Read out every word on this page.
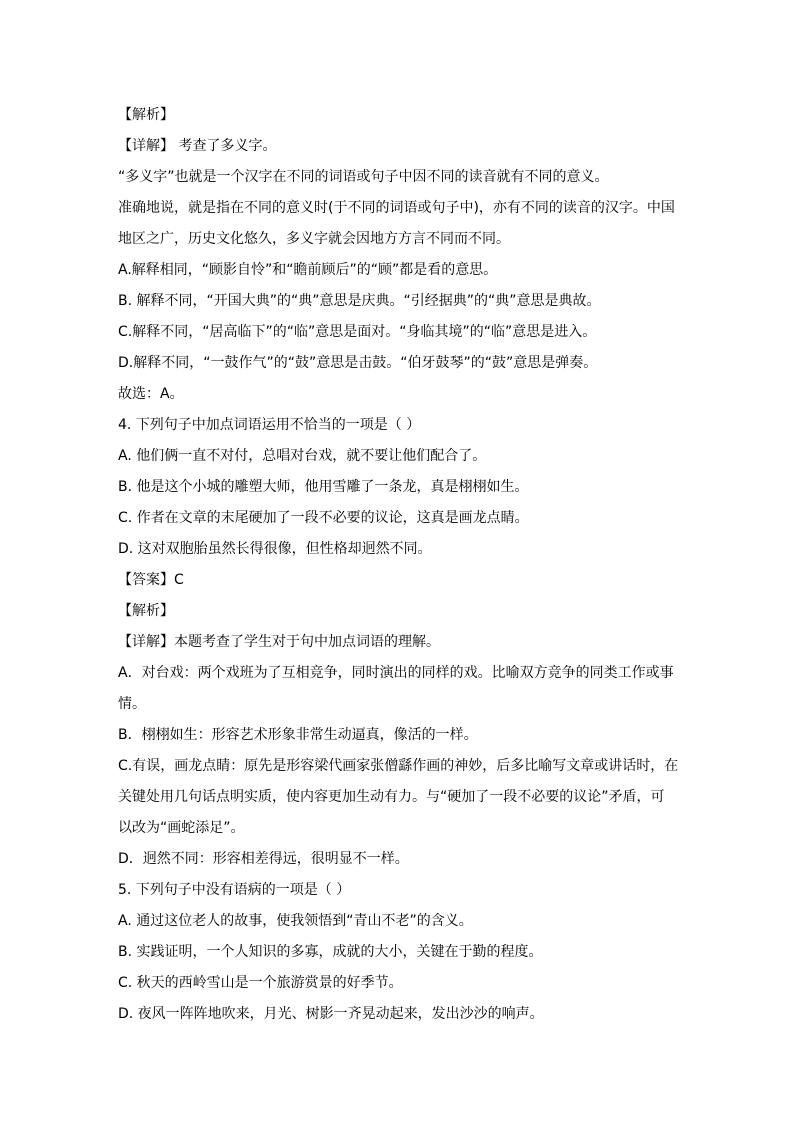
【解析】
【详解】 考查了多义字。
“多义字”也就是一个汉字在不同的词语或句子中因不同的读音就有不同的意义。
准确地说，就是指在不同的意义时(于不同的词语或句子中)，亦有不同的读音的汉字。中国
地区之广，历史文化悠久，多义字就会因地方方言不同而不同。
A.解释相同，“顾影自怜”和“瞻前顾后”的“顾”都是看的意思。
B. 解释不同，“开国大典”的“典”意思是庆典。“引经据典”的“典”意思是典故。
C.解释不同，“居高临下”的“临”意思是面对。“身临其境”的“临”意思是进入。
D.解释不同，“一鼓作气”的“鼓”意思是击鼓。“伯牙鼓琴”的“鼓”意思是弹奏。
故选：A。
4. 下列句子中加点词语运用不恰当的一项是（ ）
A. 他们俩一直不对付，总唱对台戏，就不要让他们配合了。
B. 他是这个小城的雕塑大师，他用雪雕了一条龙，真是栩栩如生。
C. 作者在文章的末尾硬加了一段不必要的议论，这真是画龙点睛。
D. 这对双胞胎虽然长得很像，但性格却迥然不同。
【答案】C
【解析】
【详解】本题考查了学生对于句中加点词语的理解。
A．对台戏：两个戏班为了互相竞争，同时演出的同样的戏。比喻双方竞争的同类工作或事
情。
B．栩栩如生：形容艺术形象非常生动逼真，像活的一样。
C.有误，画龙点睛：原先是形容梁代画家张僧繇作画的神妙，后多比喻写文章或讲话时，在
关键处用几句话点明实质，使内容更加生动有力。与“硬加了一段不必要的议论”矛盾，可
以改为“画蛇添足”。
D．迥然不同：形容相差得远，很明显不一样。
5. 下列句子中没有语病的一项是（ ）
A. 通过这位老人的故事，使我领悟到“青山不老”的含义。
B. 实践证明，一个人知识的多寡，成就的大小，关键在于勤的程度。
C. 秋天的西岭雪山是一个旅游赏景的好季节。
D. 夜风一阵阵地吹来，月光、树影一齐晃动起来，发出沙沙的响声。
